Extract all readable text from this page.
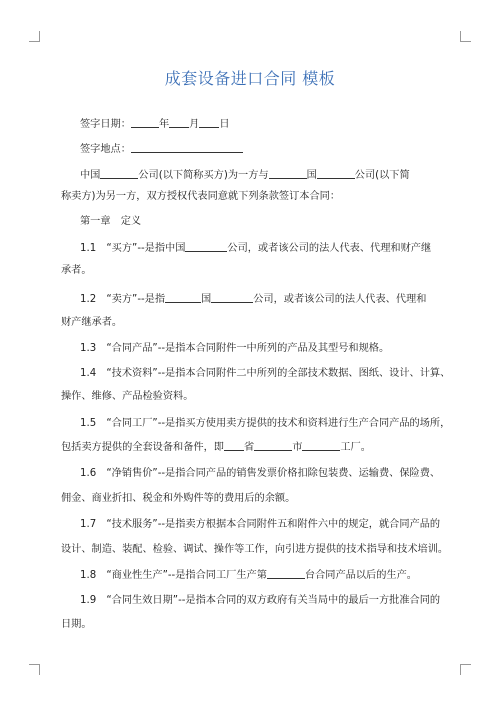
成套设备进口合同 模板
签字日期：	年 月 日
签字地点：
中国	公司(以下简称买方)为一方与	国	公司(以下简
称卖方)为另一方，双方授权代表同意就下列条款签订本合同：
第一章　定义
1.1　“买方”--是指中国	公司，或者该公司的法人代表、代理和财产继
承者。
1.2　“卖方”--是指	国	公司，或者该公司的法人代表、代理和
财产继承者。
1.3　“合同产品”--是指本合同附件一中所列的产品及其型号和规格。
1.4　“技术资料”--是指本合同附件二中所列的全部技术数据、图纸、设计、计算、
操作、维修、产品检验资料。
1.5　“合同工厂”--是指买方使用卖方提供的技术和资料进行生产合同产品的场所，
包括卖方提供的全套设备和备件，即 省	市	工厂。
1.6　“净销售价”--是指合同产品的销售发票价格扣除包装费、运输费、保险费、
佣金、商业折扣、税金和外购件等的费用后的余额。
1.7　“技术服务”--是指卖方根据本合同附件五和附件六中的规定，就合同产品的
设计、制造、装配、检验、调试、操作等工作，向引进方提供的技术指导和技术培训。
1.8　“商业性生产”--是指合同工厂生产第	台合同产品以后的生产。
1.9　“合同生效日期”--是指本合同的双方政府有关当局中的最后一方批准合同的
日期。
